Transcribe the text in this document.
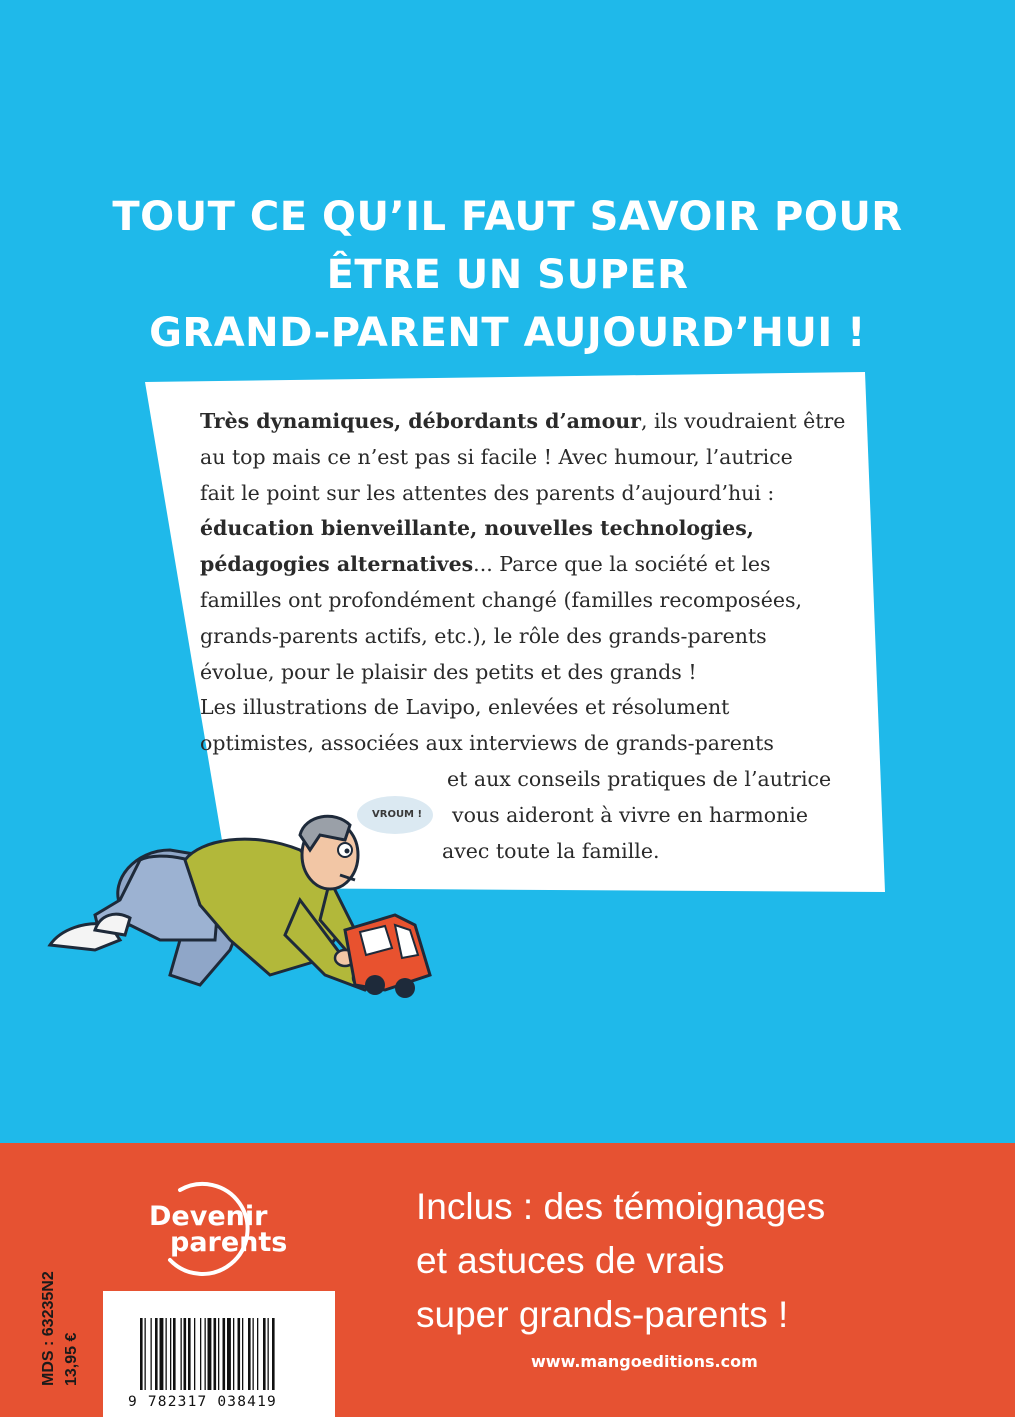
TOUT CE QU’IL FAUT SAVOIR POUR
ÊTRE UN SUPER
GRAND-PARENT AUJOURD’HUI !
VROUM !
Très dynamiques, débordants d’amour, ils voudraient être
au top mais ce n’est pas si facile ! Avec humour, l’autrice
fait le point sur les attentes des parents d’aujourd’hui :
éducation bienveillante, nouvelles technologies,
pédagogies alternatives... Parce que la société et les
familles ont profondément changé (familles recomposées,
grands-parents actifs, etc.), le rôle des grands-parents
évolue, pour le plaisir des petits et des grands !
Les illustrations de Lavipo, enlevées et résolument
optimistes, associées aux interviews de grands-parents
et aux conseils pratiques de l’autrice
vous aideront à vivre en harmonie
avec toute la famille.
Devenir
parents
Inclus : des témoignages
et astuces de vrais
super grands-parents !
www.mangoeditions.com
9 782317 038419
MDS : 63235N2 13,95 €
